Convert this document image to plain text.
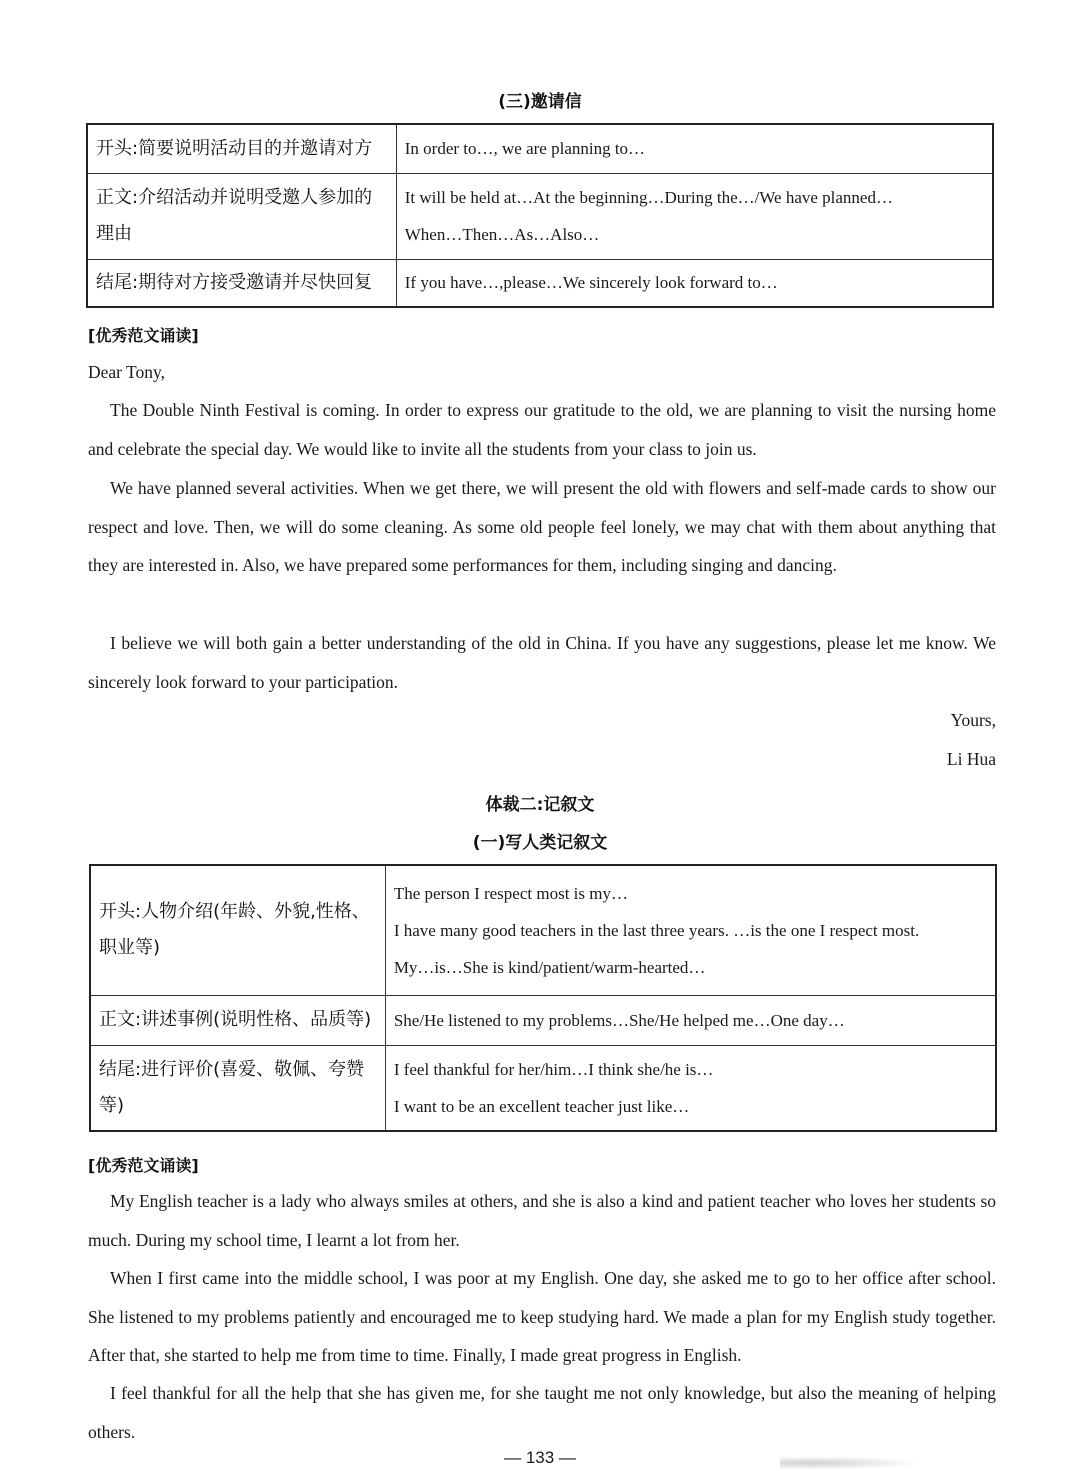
(三)邀请信
开头:简要说明活动目的并邀请对方	In order to…, we are planning to…

正文:介绍活动并说明受邀人参加的理由	It will be held at…At the beginning…During the…/We have planned…
When…Then…As…Also…

结尾:期待对方接受邀请并尽快回复	If you have…,please…We sincerely look forward to…
[优秀范文诵读]
Dear Tony,

The Double Ninth Festival is coming. In order to express our gratitude to the old, we are planning to visit the nursing home and celebrate the special day. We would like to invite all the students from your class to join us.

We have planned several activities. When we get there, we will present the old with flowers and self-made cards to show our respect and love. Then, we will do some cleaning. As some old people feel lonely, we may chat with them about anything that they are interested in. Also, we have prepared some performances for them, including singing and dancing.

I believe we will both gain a better understanding of the old in China. If you have any suggestions, please let me know. We sincerely look forward to your participation.

Yours,
Li Hua
体裁二:记叙文
(一)写人类记叙文
开头:人物介绍(年龄、外貌,性格、职业等)	The person I respect most is my…
I have many good teachers in the last three years. …is the one I respect most.
My…is…She is kind/patient/warm-hearted…

正文:讲述事例(说明性格、品质等)	She/He listened to my problems…She/He helped me…One day…

结尾:进行评价(喜爱、敬佩、夸赞等)	I feel thankful for her/him…I think she/he is…
I want to be an excellent teacher just like…
[优秀范文诵读]

My English teacher is a lady who always smiles at others, and she is also a kind and patient teacher who loves her students so much. During my school time, I learnt a lot from her.

When I first came into the middle school, I was poor at my English. One day, she asked me to go to her office after school. She listened to my problems patiently and encouraged me to keep studying hard. We made a plan for my English study together. After that, she started to help me from time to time. Finally, I made great progress in English.

I feel thankful for all the help that she has given me, for she taught me not only knowledge, but also the meaning of helping others.

— 133 —
